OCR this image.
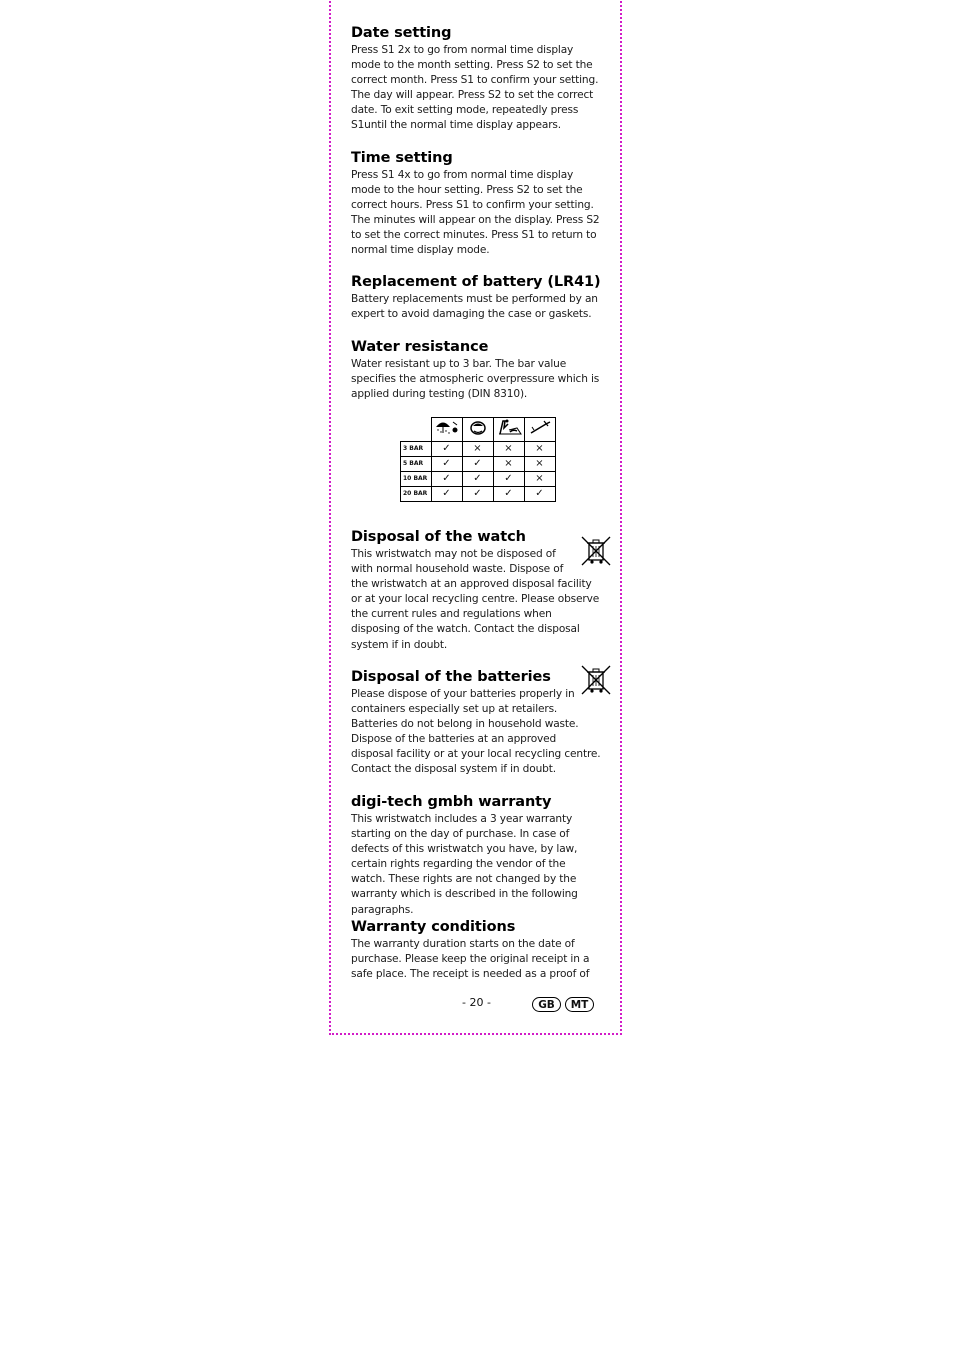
Date setting

Press S1 2x to go from normal time display mode to the month setting. Press S2 to set the correct month. Press S1 to confirm your setting. The day will appear. Press S2 to set the correct date. To exit setting mode, repeatedly press S1until the normal time display appears.

Time setting

Press S1 4x to go from normal time display mode to the hour setting. Press S2 to set the correct hours. Press S1 to confirm your setting. The minutes will appear on the display. Press S2 to set the correct minutes. Press S1 to return to normal time display mode.

Replacement of battery (LR41)

Battery replacements must be performed by an expert to avoid damaging the case or gaskets.

Water resistance

Water resistant up to 3 bar. The bar value specifies the atmospheric overpressure which is applied during testing (DIN 8310).

Disposal of the watch

This wristwatch may not be disposed of

with normal household waste. Dispose of

the wristwatch at an approved disposal facility or at your local recycling centre. Please observe the current rules and regulations when disposing of the watch. Contact the disposal system if in doubt.

Disposal of the batteries

Please dispose of your batteries properly in containers especially set up at retailers. Batteries do not belong in household waste. Dispose of the batteries at an approved disposal facility or at your local recycling centre. Contact the disposal system if in doubt.

digi-tech gmbh warranty

This wristwatch includes a 3 year warranty starting on the day of purchase. In case of defects of this wristwatch you have, by law, certain rights regarding the vendor of the watch. These rights are not changed by the warranty which is described in the following paragraphs.

Warranty conditions

The warranty duration starts on the date of purchase. Please keep the original receipt in a safe place. The receipt is needed as a proof of

3 BAR	✓	×	×	×
5 BAR	✓	✓	×	×
10 BAR	✓	✓	✓	×
20 BAR	✓	✓	✓	✓
- 20 -	GB	MT
